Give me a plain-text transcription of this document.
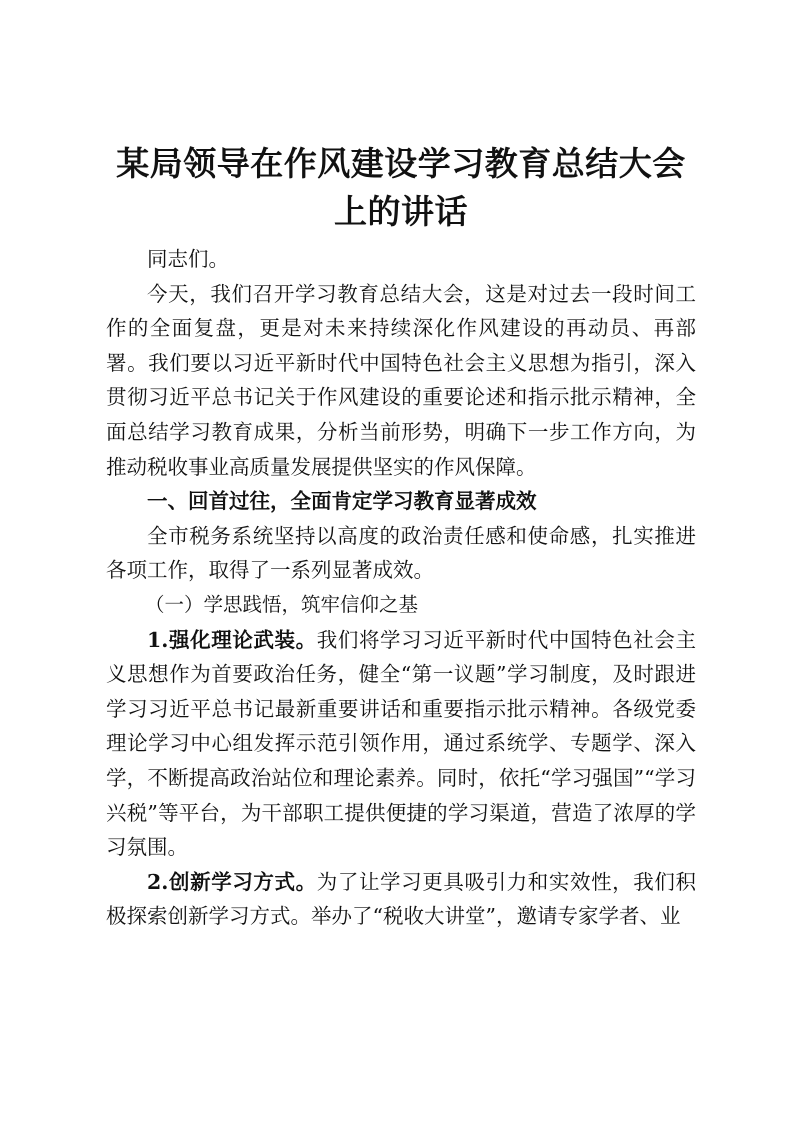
某局领导在作风建设学习教育总结大会上的讲话

同志们。

今天，我们召开学习教育总结大会，这是对过去一段时间工作的全面复盘，更是对未来持续深化作风建设的再动员、再部署。我们要以习近平新时代中国特色社会主义思想为指引，深入贯彻习近平总书记关于作风建设的重要论述和指示批示精神，全面总结学习教育成果，分析当前形势，明确下一步工作方向，为推动税收事业高质量发展提供坚实的作风保障。

一、回首过往，全面肯定学习教育显著成效

全市税务系统坚持以高度的政治责任感和使命感，扎实推进各项工作，取得了一系列显著成效。

（一）学思践悟，筑牢信仰之基

1.强化理论武装。我们将学习习近平新时代中国特色社会主义思想作为首要政治任务，健全“第一议题”学习制度，及时跟进学习习近平总书记最新重要讲话和重要指示批示精神。各级党委理论学习中心组发挥示范引领作用，通过系统学、专题学、深入学，不断提高政治站位和理论素养。同时，依托“学习强国”“学习兴税”等平台，为干部职工提供便捷的学习渠道，营造了浓厚的学习氛围。

2.创新学习方式。为了让学习更具吸引力和实效性，我们积极探索创新学习方式。举办了“税收大讲堂”，邀请专家学者、业
